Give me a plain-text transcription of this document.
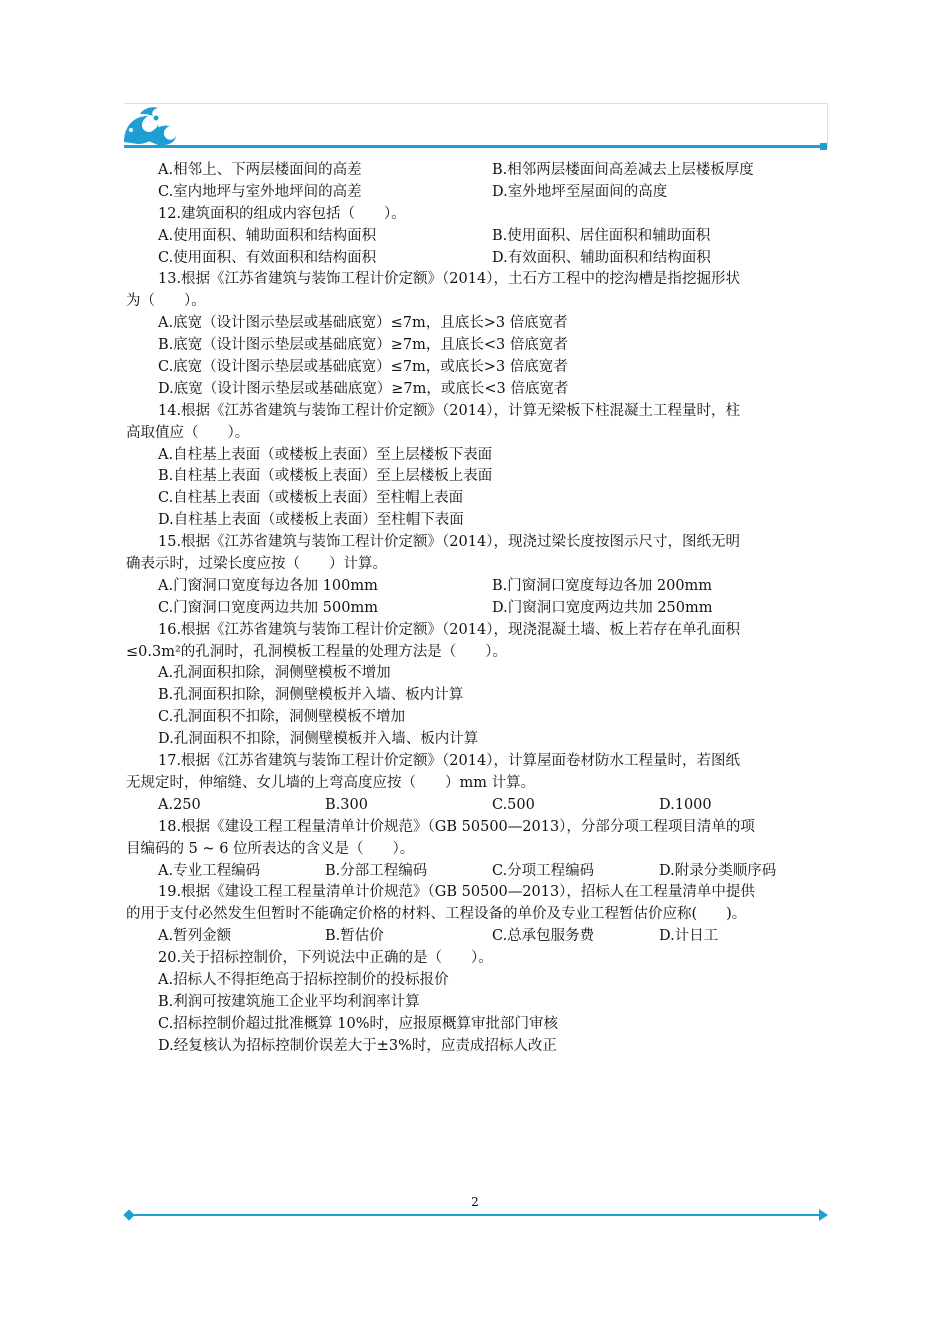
A.相邻上、下两层楼面间的高差	B.相邻两层楼面间高差减去上层楼板厚度
C.室内地坪与室外地坪间的高差	D.室外地坪至屋面间的高度
12.建筑面积的组成内容包括（　　）。
A.使用面积、辅助面积和结构面积	B.使用面积、居住面积和辅助面积
C.使用面积、有效面积和结构面积	D.有效面积、辅助面积和结构面积
13.根据《江苏省建筑与装饰工程计价定额》（2014），土石方工程中的挖沟槽是指挖掘形状
为（　　）。
A.底宽（设计图示垫层或基础底宽）≤7m，且底长>3 倍底宽者
B.底宽（设计图示垫层或基础底宽）≥7m，且底长<3 倍底宽者
C.底宽（设计图示垫层或基础底宽）≤7m，或底长>3 倍底宽者
D.底宽（设计图示垫层或基础底宽）≥7m，或底长<3 倍底宽者
14.根据《江苏省建筑与装饰工程计价定额》（2014），计算无梁板下柱混凝土工程量时，柱
高取值应（　　）。
A.自柱基上表面（或楼板上表面）至上层楼板下表面
B.自柱基上表面（或楼板上表面）至上层楼板上表面
C.自柱基上表面（或楼板上表面）至柱帽上表面
D.自柱基上表面（或楼板上表面）至柱帽下表面
15.根据《江苏省建筑与装饰工程计价定额》（2014），现浇过梁长度按图示尺寸，图纸无明
确表示时，过梁长度应按（　　）计算。
A.门窗洞口宽度每边各加 100mm	B.门窗洞口宽度每边各加 200mm
C.门窗洞口宽度两边共加 500mm	D.门窗洞口宽度两边共加 250mm
16.根据《江苏省建筑与装饰工程计价定额》（2014），现浇混凝土墙、板上若存在单孔面积
≤0.3m²的孔洞时，孔洞模板工程量的处理方法是（　　）。
A.孔洞面积扣除，洞侧壁模板不增加
B.孔洞面积扣除，洞侧壁模板并入墙、板内计算
C.孔洞面积不扣除，洞侧壁模板不增加
D.孔洞面积不扣除，洞侧壁模板并入墙、板内计算
17.根据《江苏省建筑与装饰工程计价定额》（2014），计算屋面卷材防水工程量时，若图纸
无规定时，伸缩缝、女儿墙的上弯高度应按（　　）mm 计算。
A.250	B.300	C.500	D.1000
18.根据《建设工程工程量清单计价规范》（GB 50500—2013），分部分项工程项目清单的项
目编码的 5 ~ 6 位所表达的含义是（　　）。
A.专业工程编码	B.分部工程编码	C.分项工程编码	D.附录分类顺序码
19.根据《建设工程工程量清单计价规范》（GB 50500—2013），招标人在工程量清单中提供
的用于支付必然发生但暂时不能确定价格的材料、工程设备的单价及专业工程暂估价应称(　　)。
A.暂列金额	B.暂估价	C.总承包服务费	D.计日工
20.关于招标控制价，下列说法中正确的是（　　）。
A.招标人不得拒绝高于招标控制价的投标报价
B.利润可按建筑施工企业平均利润率计算
C.招标控制价超过批准概算 10%时，应报原概算审批部门审核
D.经复核认为招标控制价误差大于±3%时，应责成招标人改正
2
